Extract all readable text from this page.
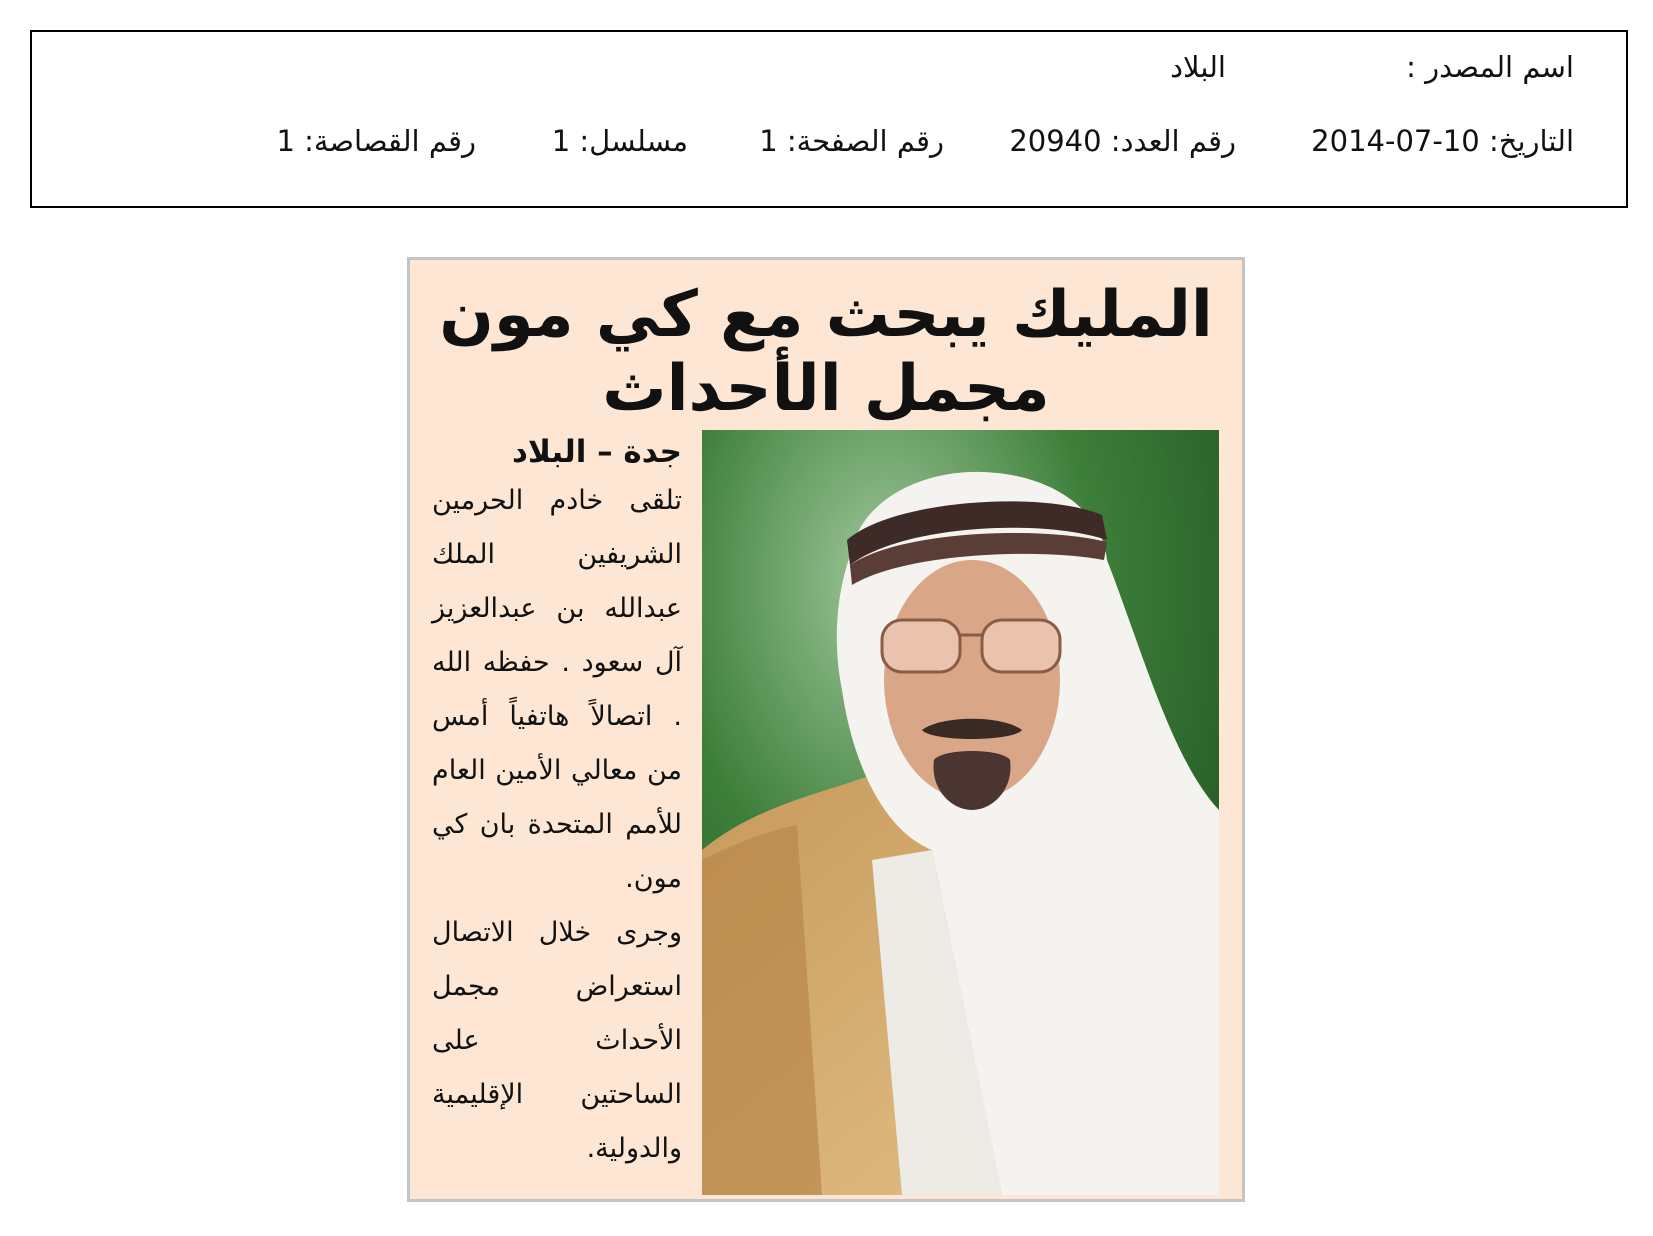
اسم المصدر :
البلاد
التاريخ: 10-07-2014
رقم العدد: 20940
رقم الصفحة: 1
مسلسل: 1
رقم القصاصة: 1
المليك يبحث مع كي مون مجمل الأحداث

جدة – البلاد

تلقى خادم الحرمين الشريفين الملك عبدالله بن عبدالعزيز آل سعود . حفظه الله . اتصالاً هاتفياً أمس من معالي الأمين العام للأمم المتحدة بان كي مون.

وجرى خلال الاتصال استعراض مجمل الأحداث على الساحتين الإقليمية والدولية.
